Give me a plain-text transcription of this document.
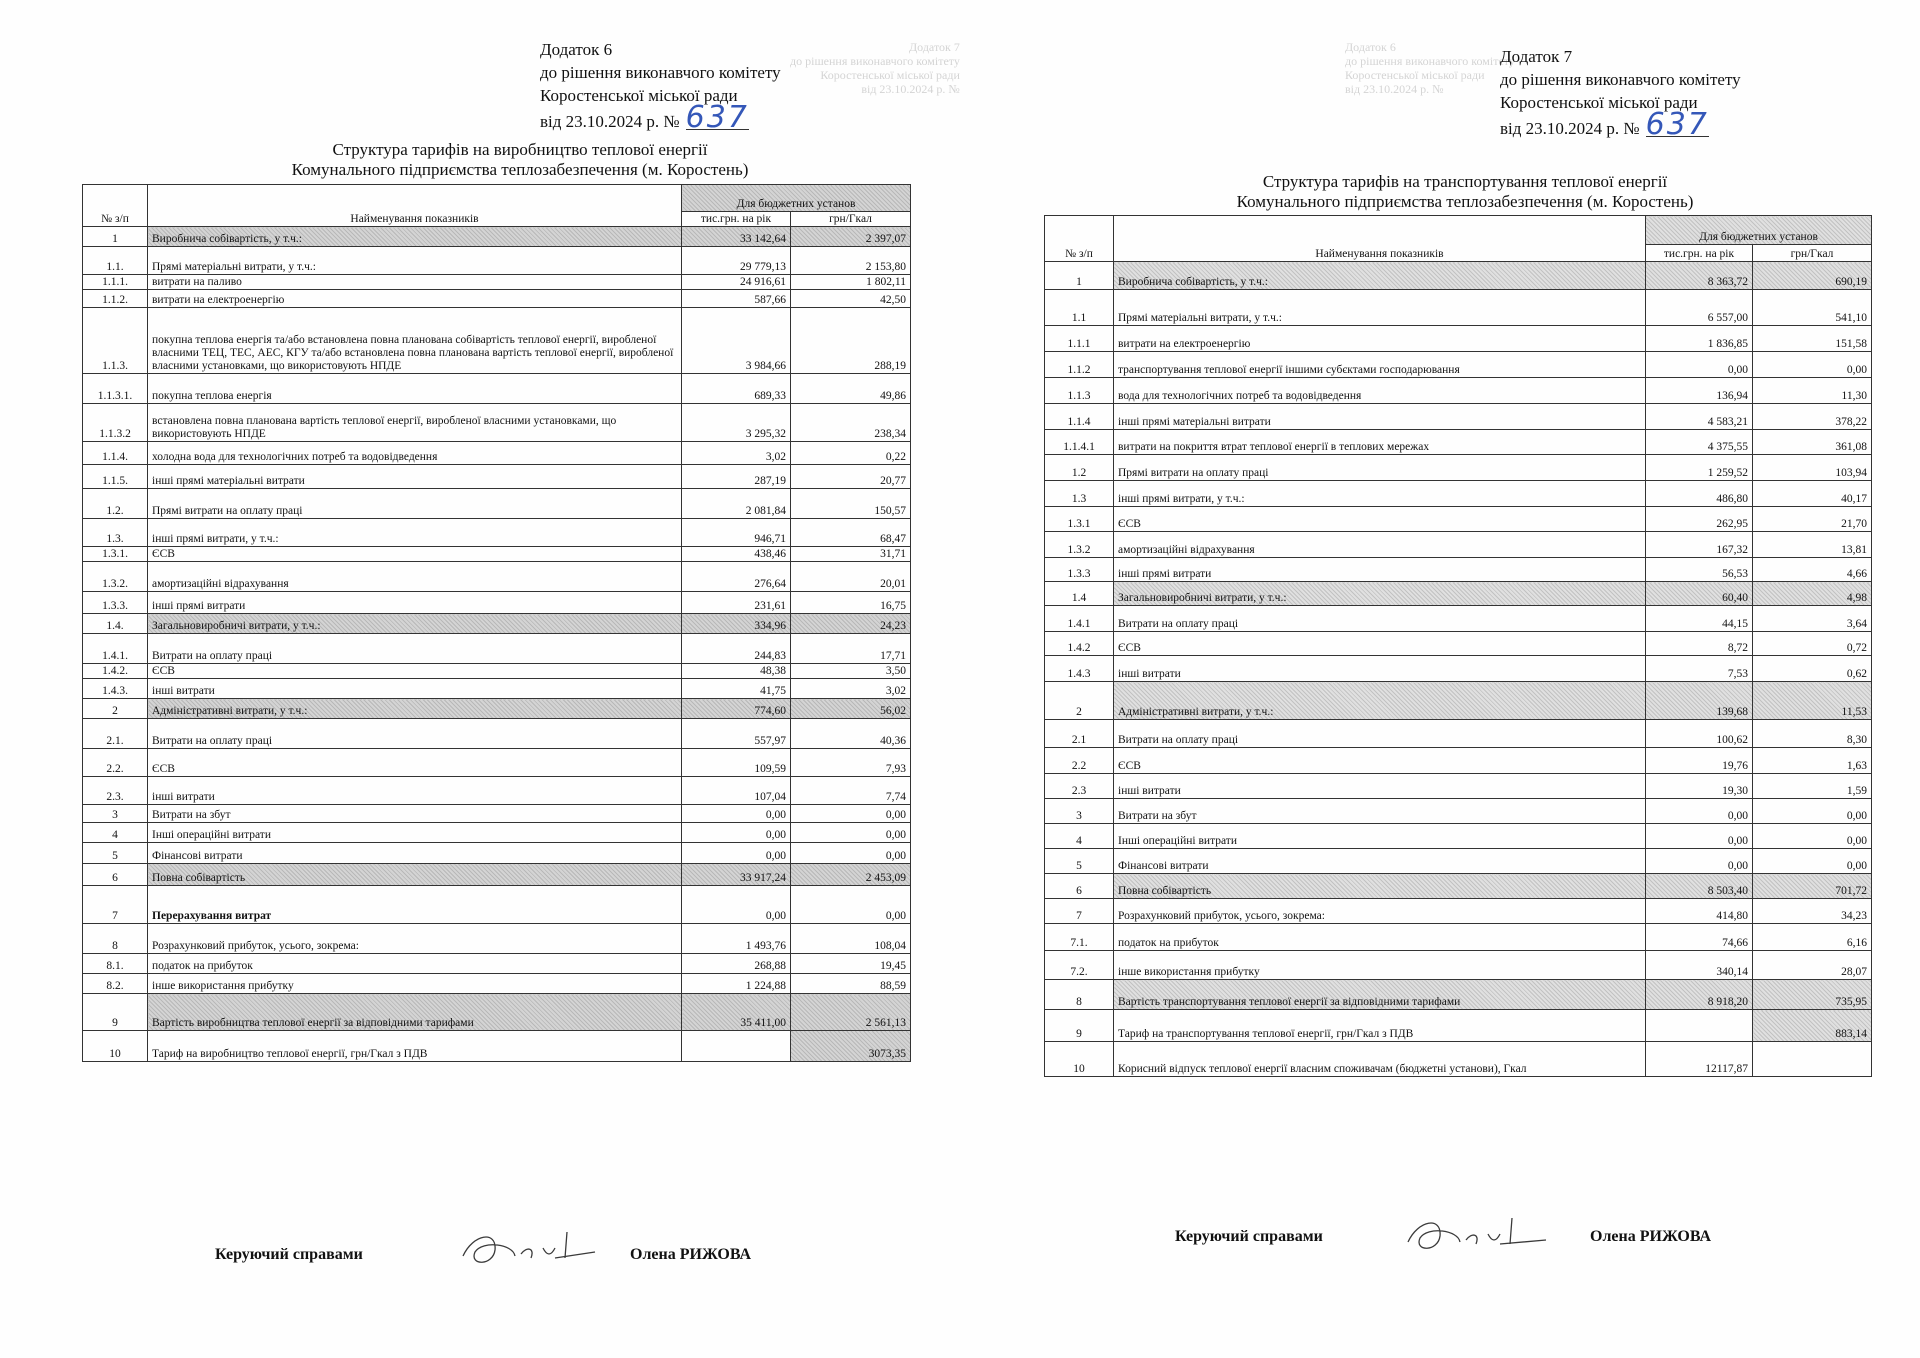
Додаток 7
до рішення виконавчого комітету
Коростенської міської ради
від 23.10.2024 р. №
Додаток 6
до рішення виконавчого комітету
Коростенської міської ради
від 23.10.2024 р. № 637
Структура тарифів на виробництво теплової енергії
Комунального підприємства теплозабезпечення (м. Коростень)
№ з/п	Найменування показників	Для бюджетних установ	
		тис.грн. на рік	грн/Гкал
1	Виробнича собівартість, у т.ч.:	33 142,64	2 397,07
1.1.	Прямі матеріальні витрати, у т.ч.:	29 779,13	2 153,80
1.1.1.	витрати на паливо	24 916,61	1 802,11
1.1.2.	витрати на електроенергію	587,66	42,50
1.1.3.	покупна теплова енергія та/або встановлена повна планована собівартість теплової енергії, виробленої власними ТЕЦ, ТЕС, АЕС, КГУ та/або встановлена повна планована вартість теплової енергії, виробленої власними установками, що використовують НПДЕ	3 984,66	288,19
1.1.3.1.	покупна теплова енергія	689,33	49,86
1.1.3.2	встановлена повна планована вартість теплової енергії, виробленої власними установками, що використовують НПДЕ	3 295,32	238,34
1.1.4.	холодна вода для технологічних потреб та водовідведення	3,02	0,22
1.1.5.	інші прямі матеріальні витрати	287,19	20,77
1.2.	Прямі витрати на оплату праці	2 081,84	150,57
1.3.	інші прямі витрати, у т.ч.:	946,71	68,47
1.3.1.	ЄСВ	438,46	31,71
1.3.2.	амортизаційні відрахування	276,64	20,01
1.3.3.	інші прямі витрати	231,61	16,75
1.4.	Загальновиробничі витрати, у т.ч.:	334,96	24,23
1.4.1.	Витрати на оплату праці	244,83	17,71
1.4.2.	ЄСВ	48,38	3,50
1.4.3.	інші витрати	41,75	3,02
2	Адміністративні витрати, у т.ч.:	774,60	56,02
2.1.	Витрати на оплату праці	557,97	40,36
2.2.	ЄСВ	109,59	7,93
2.3.	інші витрати	107,04	7,74
3	Витрати на збут	0,00	0,00
4	Інші операційні витрати	0,00	0,00
5	Фінансові витрати	0,00	0,00
6	Повна собівартість	33 917,24	2 453,09
7	Перерахування витрат	0,00	0,00
8	Розрахунковий прибуток, усього, зокрема:	1 493,76	108,04
8.1.	податок на прибуток	268,88	19,45
8.2.	інше використання прибутку	1 224,88	88,59
9	Вартість виробництва теплової енергії за відповідними тарифами	35 411,00	2 561,13
10	Тариф на виробництво теплової енергії, грн/Гкал з ПДВ		3073,35
Керуючий справами	Олена РИЖОВА
Додаток 6
до рішення виконавчого комітету
Коростенської міської ради
від 23.10.2024 р. №
Додаток 7
до рішення виконавчого комітету
Коростенської міської ради
від 23.10.2024 р. № 637
Структура тарифів на транспортування теплової енергії
Комунального підприємства теплозабезпечення (м. Коростень)
№ з/п	Найменування показників	Для бюджетних установ	
		тис.грн. на рік	грн/Гкал
1	Виробнича собівартість, у т.ч.:	8 363,72	690,19
1.1	Прямі матеріальні витрати, у т.ч.:	6 557,00	541,10
1.1.1	витрати на електроенергію	1 836,85	151,58
1.1.2	транспортування теплової енергії іншими субєктами господарювання	0,00	0,00
1.1.3	вода для технологічних потреб та водовідведення	136,94	11,30
1.1.4	інші прямі матеріальні витрати	4 583,21	378,22
1.1.4.1	витрати на покриття втрат теплової енергії в теплових мережах	4 375,55	361,08
1.2	Прямі витрати на оплату праці	1 259,52	103,94
1.3	інші прямі витрати, у т.ч.:	486,80	40,17
1.3.1	ЄСВ	262,95	21,70
1.3.2	амортизаційні відрахування	167,32	13,81
1.3.3	інші прямі витрати	56,53	4,66
1.4	Загальновиробничі витрати, у т.ч.:	60,40	4,98
1.4.1	Витрати на оплату праці	44,15	3,64
1.4.2	ЄСВ	8,72	0,72
1.4.3	інші витрати	7,53	0,62
2	Адміністративні витрати, у т.ч.:	139,68	11,53
2.1	Витрати на оплату праці	100,62	8,30
2.2	ЄСВ	19,76	1,63
2.3	інші витрати	19,30	1,59
3	Витрати на збут	0,00	0,00
4	Інші операційні витрати	0,00	0,00
5	Фінансові витрати	0,00	0,00
6	Повна собівартість	8 503,40	701,72
7	Розрахунковий прибуток, усього, зокрема:	414,80	34,23
7.1.	податок на прибуток	74,66	6,16
7.2.	інше використання прибутку	340,14	28,07
8	Вартість транспортування теплової енергії за відповідними тарифами	8 918,20	735,95
9	Тариф на транспортування теплової енергії, грн/Гкал з ПДВ		883,14
10	Корисний відпуск теплової енергії власним споживачам (бюджетні установи), Гкал	12117,87	
Керуючий справами	Олена РИЖОВА
